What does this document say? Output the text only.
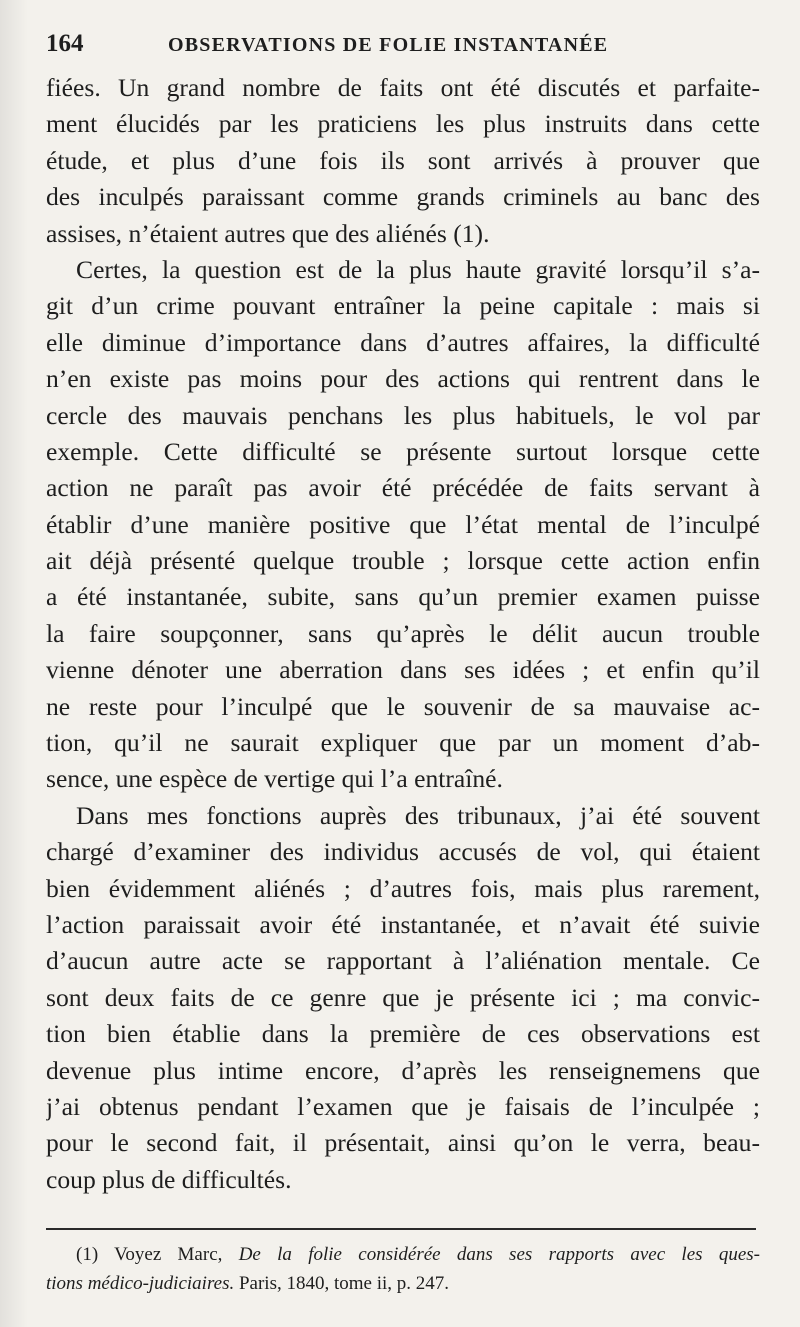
164	OBSERVATIONS DE FOLIE INSTANTANÉE
fiées. Un grand nombre de faits ont été discutés et parfaite-
ment élucidés par les praticiens les plus instruits dans cette
étude, et plus d’une fois ils sont arrivés à prouver que
des inculpés paraissant comme grands criminels au banc des
assises, n’étaient autres que des aliénés (1).
Certes, la question est de la plus haute gravité lorsqu’il s’a-
git d’un crime pouvant entraîner la peine capitale : mais si
elle diminue d’importance dans d’autres affaires, la difficulté
n’en existe pas moins pour des actions qui rentrent dans le
cercle des mauvais penchans les plus habituels, le vol par
exemple. Cette difficulté se présente surtout lorsque cette
action ne paraît pas avoir été précédée de faits servant à
établir d’une manière positive que l’état mental de l’inculpé
ait déjà présenté quelque trouble ; lorsque cette action enfin
a été instantanée, subite, sans qu’un premier examen puisse
la faire soupçonner, sans qu’après le délit aucun trouble
vienne dénoter une aberration dans ses idées ; et enfin qu’il
ne reste pour l’inculpé que le souvenir de sa mauvaise ac-
tion, qu’il ne saurait expliquer que par un moment d’ab-
sence, une espèce de vertige qui l’a entraîné.
Dans mes fonctions auprès des tribunaux, j’ai été souvent
chargé d’examiner des individus accusés de vol, qui étaient
bien évidemment aliénés ; d’autres fois, mais plus rarement,
l’action paraissait avoir été instantanée, et n’avait été suivie
d’aucun autre acte se rapportant à l’aliénation mentale. Ce
sont deux faits de ce genre que je présente ici ; ma convic-
tion bien établie dans la première de ces observations est
devenue plus intime encore, d’après les renseignemens que
j’ai obtenus pendant l’examen que je faisais de l’inculpée ;
pour le second fait, il présentait, ainsi qu’on le verra, beau-
coup plus de difficultés.
(1) Voyez Marc, De la folie considérée dans ses rapports avec les ques-
tions médico-judiciaires. Paris, 1840, tome ii, p. 247.
